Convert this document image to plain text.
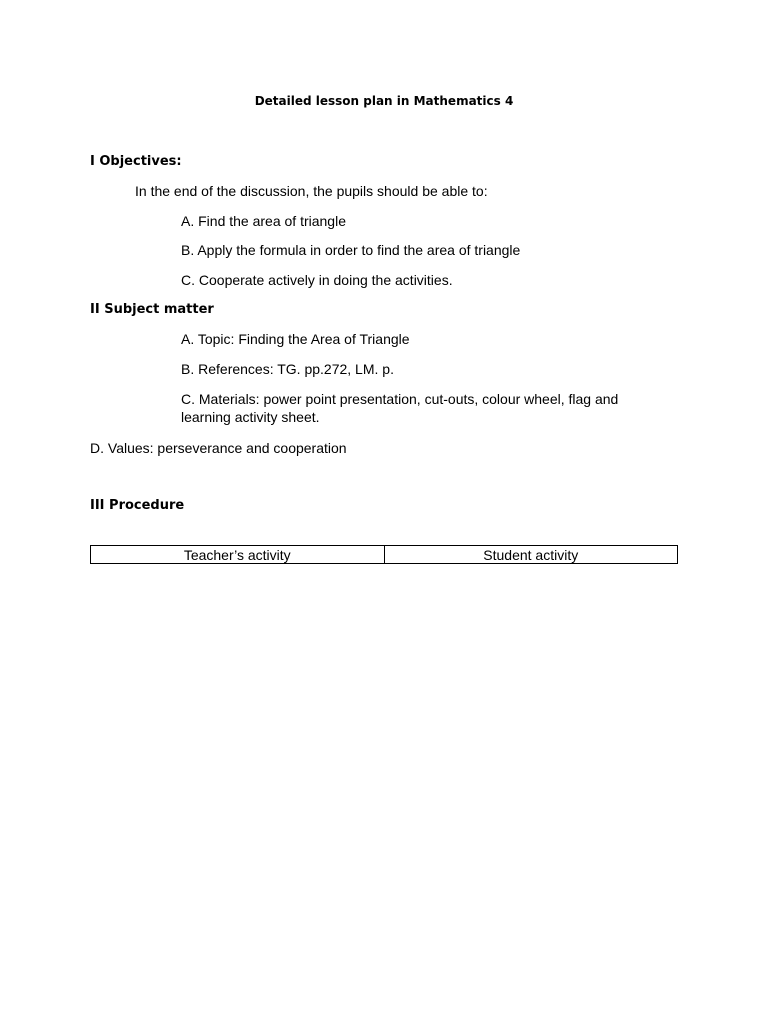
Detailed lesson plan in Mathematics 4
I Objectives:
In the end of the discussion, the pupils should be able to:
A. Find the area of triangle
B. Apply the formula in order to find the area of triangle
C. Cooperate actively in doing the activities.
II Subject matter
A. Topic: Finding the Area of Triangle
B. References: TG. pp.272, LM. p.
C. Materials: power point presentation, cut-outs, colour wheel, flag and learning activity sheet.
D. Values: perseverance and cooperation
III Procedure
Teacher’s activity	Student activity
